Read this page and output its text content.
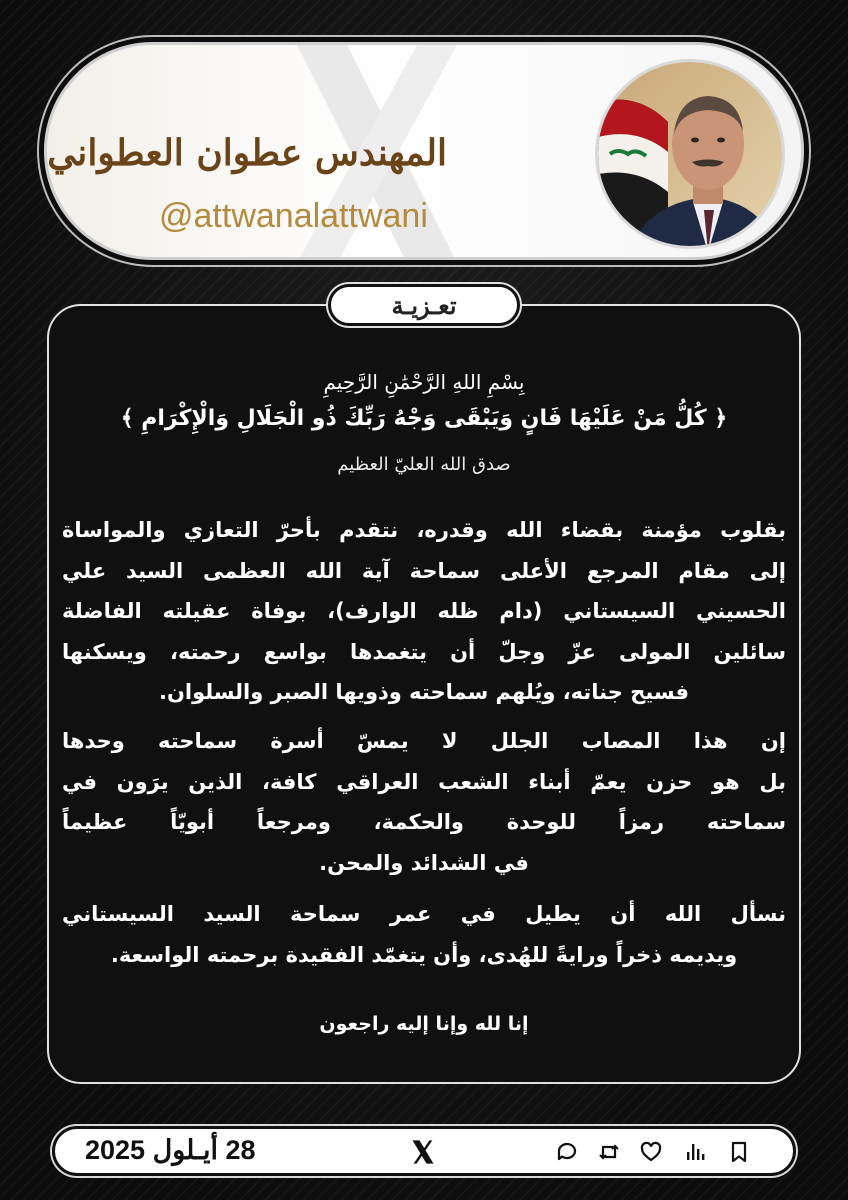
المهندس عطوان العطواني
@attwanalattwani
تعـزيـة
بِسْمِ اللهِ الرَّحْمَٰنِ الرَّحِيمِ
﴿ كُلُّ مَنْ عَلَيْهَا فَانٍ وَيَبْقَى وَجْهُ رَبِّكَ ذُو الْجَلَالِ وَالْإِكْرَامِ ﴾
صدق الله العليّ العظيم
بقلوب مؤمنة بقضاء الله وقدره، نتقدم بأحرّ التعازي والمواساة
إلى مقام المرجع الأعلى سماحة آية الله العظمى السيد علي
الحسيني السيستاني (دام ظله الوارف)، بوفاة عقيلته الفاضلة
سائلين المولى عزّ وجلّ أن يتغمدها بواسع رحمته، ويسكنها
فسيح جناته، ويُلهم سماحته وذويها الصبر والسلوان.
إن هذا المصاب الجلل لا يمسّ أسرة سماحته وحدها
بل هو حزن يعمّ أبناء الشعب العراقي كافة، الذين يرَون في
سماحته رمزاً للوحدة والحكمة، ومرجعاً أبويّاً عظيماً
في الشدائد والمحن.
نسأل الله أن يطيل في عمر سماحة السيد السيستاني
ويديمه ذخراً ورايةً للهُدى، وأن يتغمّد الفقيدة برحمته الواسعة.
إنا لله وإنا إليه راجعون
28 أيـلول 2025
